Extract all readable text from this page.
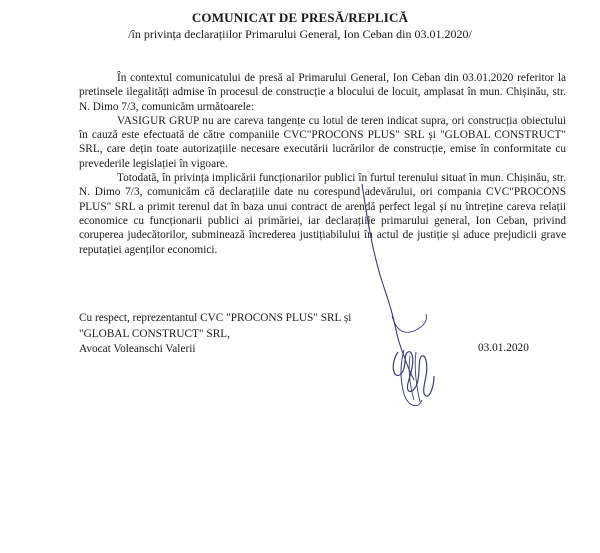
COMUNICAT DE PRESĂ/REPLICĂ
/în privința declarațiilor Primarului General, Ion Ceban din 03.01.2020/

În contextul comunicatului de presă al Primarului General, Ion Ceban din 03.01.2020 referitor la pretinsele ilegalități admise în procesul de construcție a blocului de locuit, amplasat în mun. Chișinău, str. N. Dimo 7/3, comunicăm următoarele:

VASIGUR GRUP nu are careva tangențe cu lotul de teren indicat supra, ori construcția obiectului în cauză este efectuată de către companiile CVC"PROCONS PLUS" SRL și "GLOBAL CONSTRUCT" SRL, care dețin toate autorizațiile necesare executării lucrărilor de construcție, emise în conformitate cu prevederile legislației în vigoare.

Totodată, în privința implicării funcționarilor publici în furtul terenului situat în mun. Chișinău, str. N. Dimo 7/3, comunicăm că declarațiile date nu corespund adevărului, ori compania CVC"PROCONS PLUS" SRL a primit terenul dat în baza unui contract de arendă perfect legal și nu întreține careva relații economice cu funcționarii publici ai primăriei, iar declarațiile primarului general, Ion Ceban, privind coruperea judecătorilor, subminează încrederea justițiabilului în actul de justiție și aduce prejudicii grave reputației agenților economici.

Cu respect, reprezentantul CVC "PROCONS PLUS" SRL și
"GLOBAL CONSTRUCT" SRL,
Avocat Voleanschi Valerii	03.01.2020
